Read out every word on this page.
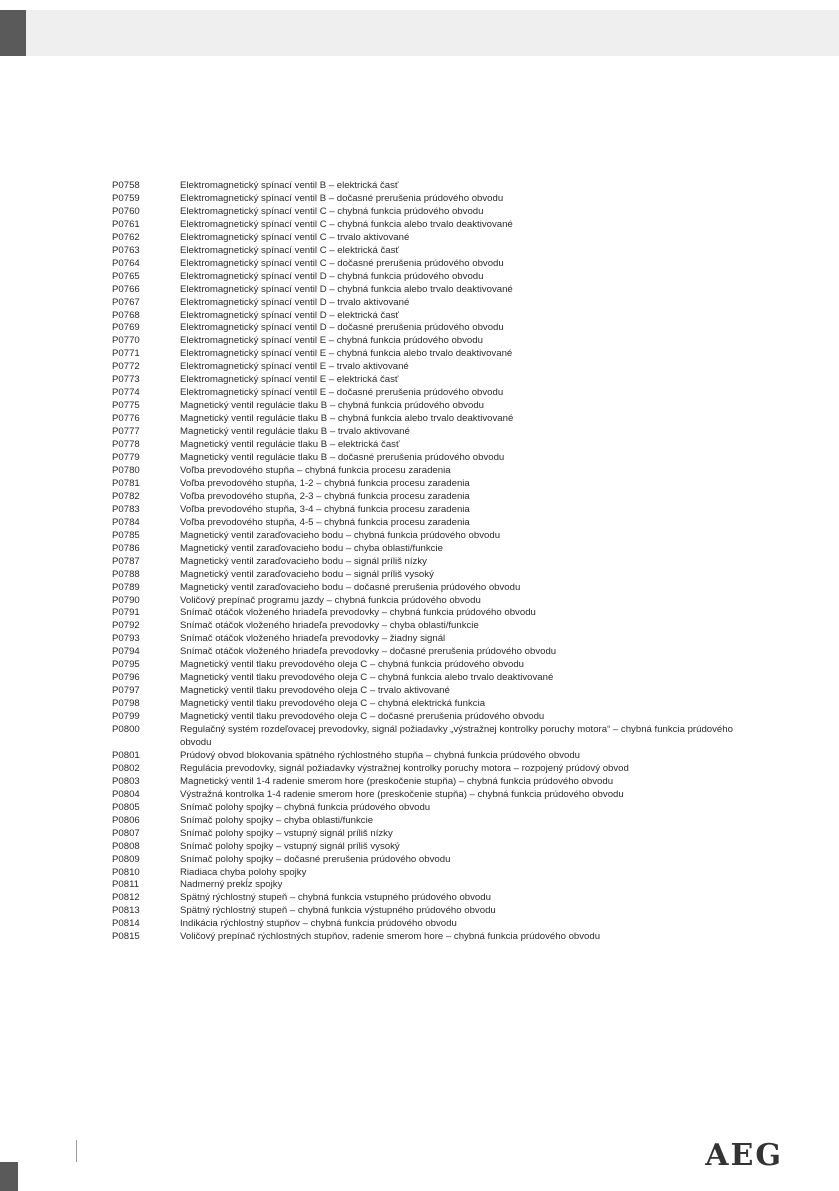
P0758	Elektromagnetický spínací ventil B – elektrická časť
P0759	Elektromagnetický spínací ventil B – dočasné prerušenia prúdového obvodu
P0760	Elektromagnetický spínací ventil C – chybná funkcia prúdového obvodu
P0761	Elektromagnetický spínací ventil C – chybná funkcia alebo trvalo deaktivované
P0762	Elektromagnetický spínací ventil C – trvalo aktivované
P0763	Elektromagnetický spínací ventil C – elektrická časť
P0764	Elektromagnetický spínací ventil C – dočasné prerušenia prúdového obvodu
P0765	Elektromagnetický spínací ventil D – chybná funkcia prúdového obvodu
P0766	Elektromagnetický spínací ventil D – chybná funkcia alebo trvalo deaktivované
P0767	Elektromagnetický spínací ventil D – trvalo aktivované
P0768	Elektromagnetický spínací ventil D – elektrická časť
P0769	Elektromagnetický spínací ventil D – dočasné prerušenia prúdového obvodu
P0770	Elektromagnetický spínací ventil E – chybná funkcia prúdového obvodu
P0771	Elektromagnetický spínací ventil E – chybná funkcia alebo trvalo deaktivované
P0772	Elektromagnetický spínací ventil E – trvalo aktivované
P0773	Elektromagnetický spínací ventil E – elektrická časť
P0774	Elektromagnetický spínací ventil E – dočasné prerušenia prúdového obvodu
P0775	Magnetický ventil regulácie tlaku B – chybná funkcia prúdového obvodu
P0776	Magnetický ventil regulácie tlaku B – chybná funkcia alebo trvalo deaktivované
P0777	Magnetický ventil regulácie tlaku B – trvalo aktivované
P0778	Magnetický ventil regulácie tlaku B – elektrická časť
P0779	Magnetický ventil regulácie tlaku B – dočasné prerušenia prúdového obvodu
P0780	Voľba prevodového stupňa – chybná funkcia procesu zaradenia
P0781	Voľba prevodového stupňa, 1-2 – chybná funkcia procesu zaradenia
P0782	Voľba prevodového stupňa, 2-3 – chybná funkcia procesu zaradenia
P0783	Voľba prevodového stupňa, 3-4 – chybná funkcia procesu zaradenia
P0784	Voľba prevodového stupňa, 4-5 – chybná funkcia procesu zaradenia
P0785	Magnetický ventil zaraďovacieho bodu – chybná funkcia prúdového obvodu
P0786	Magnetický ventil zaraďovacieho bodu – chyba oblasti/funkcie
P0787	Magnetický ventil zaraďovacieho bodu – signál príliš nízky
P0788	Magnetický ventil zaraďovacieho bodu – signál príliš vysoký
P0789	Magnetický ventil zaraďovacieho bodu – dočasné prerušenia prúdového obvodu
P0790	Voličový prepínač programu jazdy – chybná funkcia prúdového obvodu
P0791	Snímač otáčok vloženého hriadeľa prevodovky – chybná funkcia prúdového obvodu
P0792	Snímač otáčok vloženého hriadeľa prevodovky – chyba oblasti/funkcie
P0793	Snímač otáčok vloženého hriadeľa prevodovky – žiadny signál
P0794	Snímač otáčok vloženého hriadeľa prevodovky – dočasné prerušenia prúdového obvodu
P0795	Magnetický ventil tlaku prevodového oleja C – chybná funkcia prúdového obvodu
P0796	Magnetický ventil tlaku prevodového oleja C – chybná funkcia alebo trvalo deaktivované
P0797	Magnetický ventil tlaku prevodového oleja C – trvalo aktivované
P0798	Magnetický ventil tlaku prevodového oleja C – chybná elektrická funkcia
P0799	Magnetický ventil tlaku prevodového oleja C – dočasné prerušenia prúdového obvodu
P0800	Regulačný systém rozdeľovacej prevodovky, signál požiadavky „výstražnej kontrolky poruchy motora“ – chybná funkcia prúdového obvodu
P0801	Prúdový obvod blokovania spätného rýchlostného stupňa – chybná funkcia prúdového obvodu
P0802	Regulácia prevodovky, signál požiadavky výstražnej kontrolky poruchy motora – rozpojený prúdový obvod
P0803	Magnetický ventil 1-4 radenie smerom hore (preskočenie stupňa) – chybná funkcia prúdového obvodu
P0804	Výstražná kontrolka 1-4 radenie smerom hore (preskočenie stupňa) – chybná funkcia prúdového obvodu
P0805	Snímač polohy spojky – chybná funkcia prúdového obvodu
P0806	Snímač polohy spojky – chyba oblasti/funkcie
P0807	Snímač polohy spojky – vstupný signál príliš nízky
P0808	Snímač polohy spojky – vstupný signál príliš vysoký
P0809	Snímač polohy spojky – dočasné prerušenia prúdového obvodu
P0810	Riadiaca chyba polohy spojky
P0811	Nadmerný prekĺz spojky
P0812	Spätný rýchlostný stupeň – chybná funkcia vstupného prúdového obvodu
P0813	Spätný rýchlostný stupeň – chybná funkcia výstupného prúdového obvodu
P0814	Indikácia rýchlostný stupňov – chybná funkcia prúdového obvodu
P0815	Voličový prepínač rýchlostných stupňov, radenie smerom hore – chybná funkcia prúdového obvodu
AEG
